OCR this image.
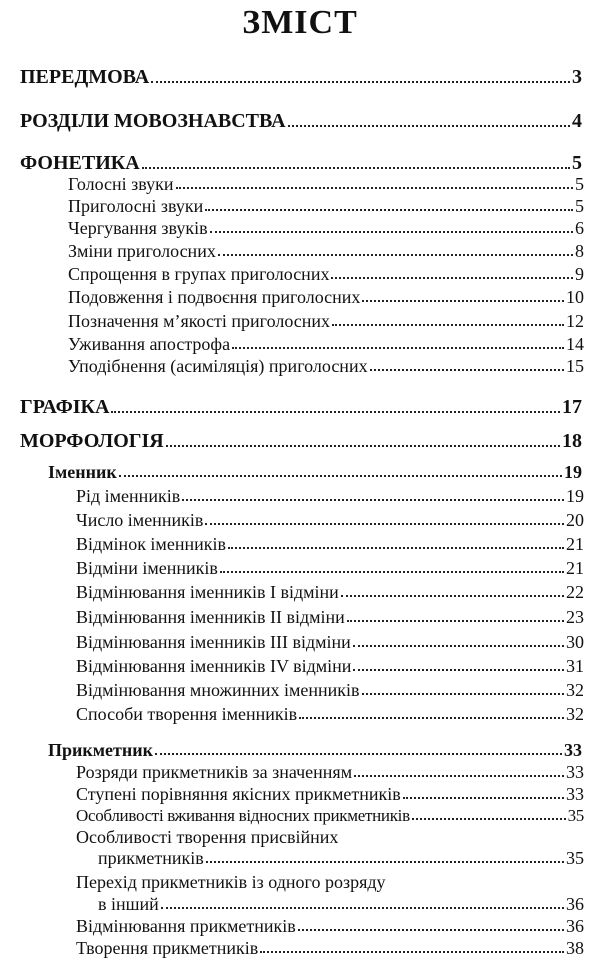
ЗМІСТ
ПЕРЕДМОВА	3
РОЗДІЛИ МОВОЗНАВСТВА	4
ФОНЕТИКА	5
Голосні звуки	5
Приголосні звуки	5
Чергування звуків	6
Зміни приголосних	8
Спрощення в групах приголосних	9
Подовження і подвоєння приголосних	10
Позначення м’якості приголосних	12
Уживання апострофа	14
Уподібнення (асиміляція) приголосних	15
ГРАФІКА	17
МОРФОЛОГІЯ	18
Іменник	19
Рід іменників	19
Число іменників	20
Відмінок іменників	21
Відміни іменників	21
Відмінювання іменників І відміни	22
Відмінювання іменників ІІ відміни	23
Відмінювання іменників ІІІ відміни	30
Відмінювання іменників IV відміни	31
Відмінювання множинних іменників	32
Способи творення іменників	32
Прикметник	33
Розряди прикметників за значенням	33
Ступені порівняння якісних прикметників	33
Особливості вживання відносних прикметників	35
Особливості творення присвійних
прикметників	35
Перехід прикметників із одного розряду
в інший	36
Відмінювання прикметників	36
Творення прикметників	38
